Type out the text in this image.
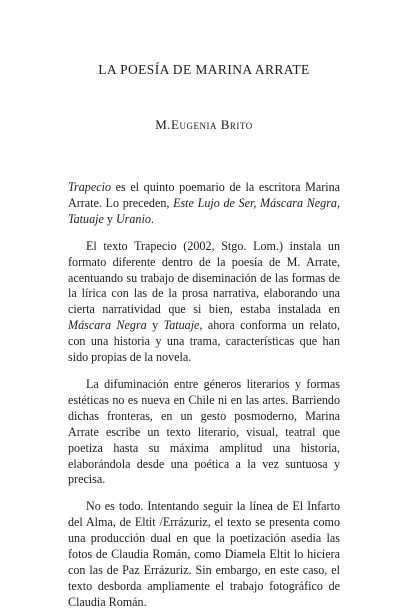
LA POESÍA DE MARINA ARRATE
M.Eugenia Brito

Trapecio es el quinto poemario de la escritora Marina Arrate. Lo preceden, Este Lujo de Ser, Máscara Negra, Tatuaje y Uranio.

El texto Trapecio (2002, Stgo. Lom.) instala un formato diferente dentro de la poesía de M. Arrate, acentuando su trabajo de diseminación de las formas de la lírica con las de la prosa narrativa, elaborando una cierta narratividad que si bien, estaba instalada en Máscara Negra y Tatuaje, ahora conforma un relato, con una historia y una trama, características que han sido propias de la novela.

La difuminación entre géneros literarios y formas estéticas no es nueva en Chile ni en las artes. Barriendo dichas fronteras, en un gesto posmoderno, Marina Arrate escribe un texto literario, visual, teatral que poetiza hasta su máxima amplitud una historia, elaborándola desde una poética a la vez suntuosa y precisa.

No es todo. Intentando seguir la línea de El Infarto del Alma, de Eltit /Errázuriz, el texto se presenta como una producción dual en que la poetización asedia las fotos de Claudia Román, como Diamela Eltit lo hiciera con las de Paz Errázuriz. Sin embargo, en este caso, el texto desborda ampliamente el trabajo fotográfico de Claudia Román.
